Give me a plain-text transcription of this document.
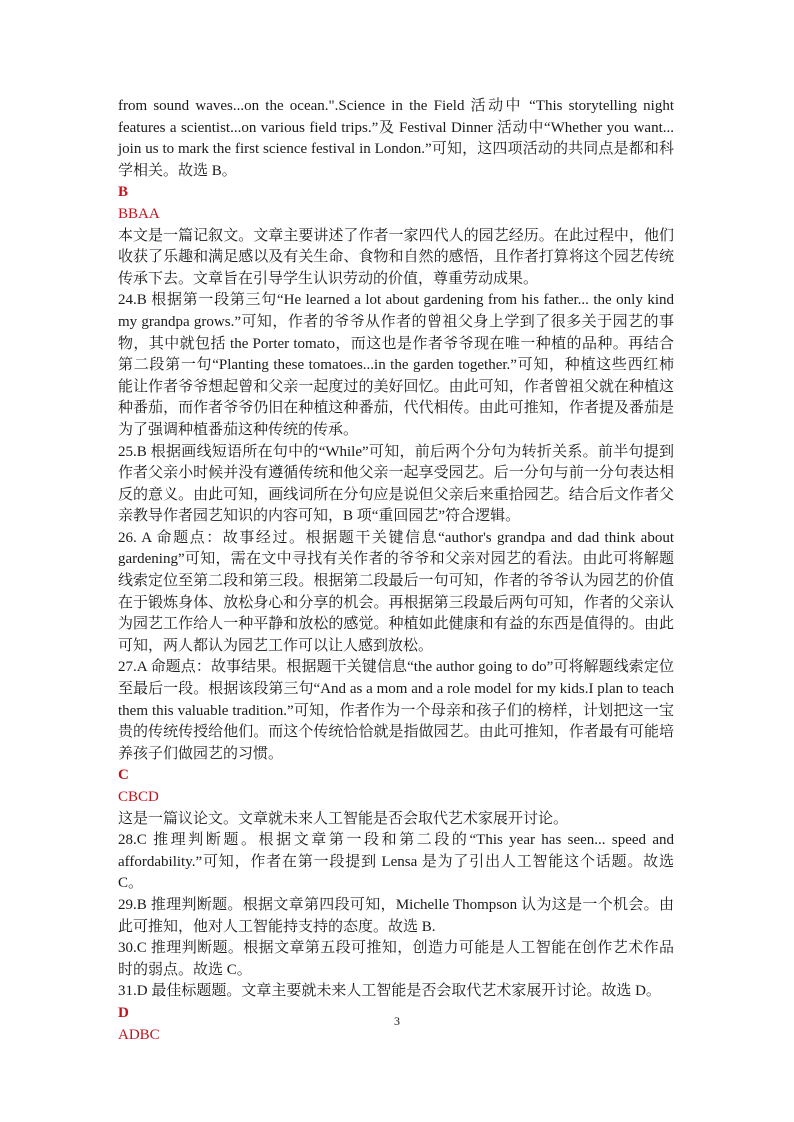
from sound waves...on the ocean.".Science in the Field 活动中 “This storytelling night features a scientist...on various field trips.”及 Festival Dinner 活动中“Whether you want... join us to mark the first science festival in London.”可知，这四项活动的共同点是都和科学相关。故选 B。

B

BBAA

本文是一篇记叙文。文章主要讲述了作者一家四代人的园艺经历。在此过程中，他们收获了乐趣和满足感以及有关生命、食物和自然的感悟，且作者打算将这个园艺传统传承下去。文章旨在引导学生认识劳动的价值，尊重劳动成果。

24.B 根据第一段第三句“He learned a lot about gardening from his father... the only kind my grandpa grows.”可知，作者的爷爷从作者的曾祖父身上学到了很多关于园艺的事物，其中就包括 the Porter tomato，而这也是作者爷爷现在唯一种植的品种。再结合第二段第一句“Planting these tomatoes...in the garden together.”可知，种植这些西红柿能让作者爷爷想起曾和父亲一起度过的美好回忆。由此可知，作者曾祖父就在种植这种番茄，而作者爷爷仍旧在种植这种番茄，代代相传。由此可推知，作者提及番茄是为了强调种植番茄这种传统的传承。

25.B 根据画线短语所在句中的“While”可知，前后两个分句为转折关系。前半句提到作者父亲小时候并没有遵循传统和他父亲一起享受园艺。后一分句与前一分句表达相反的意义。由此可知，画线词所在分句应是说但父亲后来重拾园艺。结合后文作者父亲教导作者园艺知识的内容可知，B 项“重回园艺”符合逻辑。

26. A 命题点：故事经过。根据题干关键信息“author's grandpa and dad think about gardening”可知，需在文中寻找有关作者的爷爷和父亲对园艺的看法。由此可将解题线索定位至第二段和第三段。根据第二段最后一句可知，作者的爷爷认为园艺的价值在于锻炼身体、放松身心和分享的机会。再根据第三段最后两句可知，作者的父亲认为园艺工作给人一种平静和放松的感觉。种植如此健康和有益的东西是值得的。由此可知，两人都认为园艺工作可以让人感到放松。

27.A 命题点：故事结果。根据题干关键信息“the author going to do”可将解题线索定位至最后一段。根据该段第三句“And as a mom and a role model for my kids.I plan to teach them this valuable tradition.”可知，作者作为一个母亲和孩子们的榜样，计划把这一宝贵的传统传授给他们。而这个传统恰恰就是指做园艺。由此可推知，作者最有可能培养孩子们做园艺的习惯。

C

CBCD

这是一篇议论文。文章就未来人工智能是否会取代艺术家展开讨论。

28.C 推理判断题。根据文章第一段和第二段的“This year has seen... speed and affordability.”可知，作者在第一段提到 Lensa 是为了引出人工智能这个话题。故选 C。

29.B 推理判断题。根据文章第四段可知，Michelle Thompson 认为这是一个机会。由此可推知，他对人工智能持支持的态度。故选 B.

30.C 推理判断题。根据文章第五段可推知，创造力可能是人工智能在创作艺术作品时的弱点。故选 C。

31.D 最佳标题题。文章主要就未来人工智能是否会取代艺术家展开讨论。故选 D。

D

ADBC

3
